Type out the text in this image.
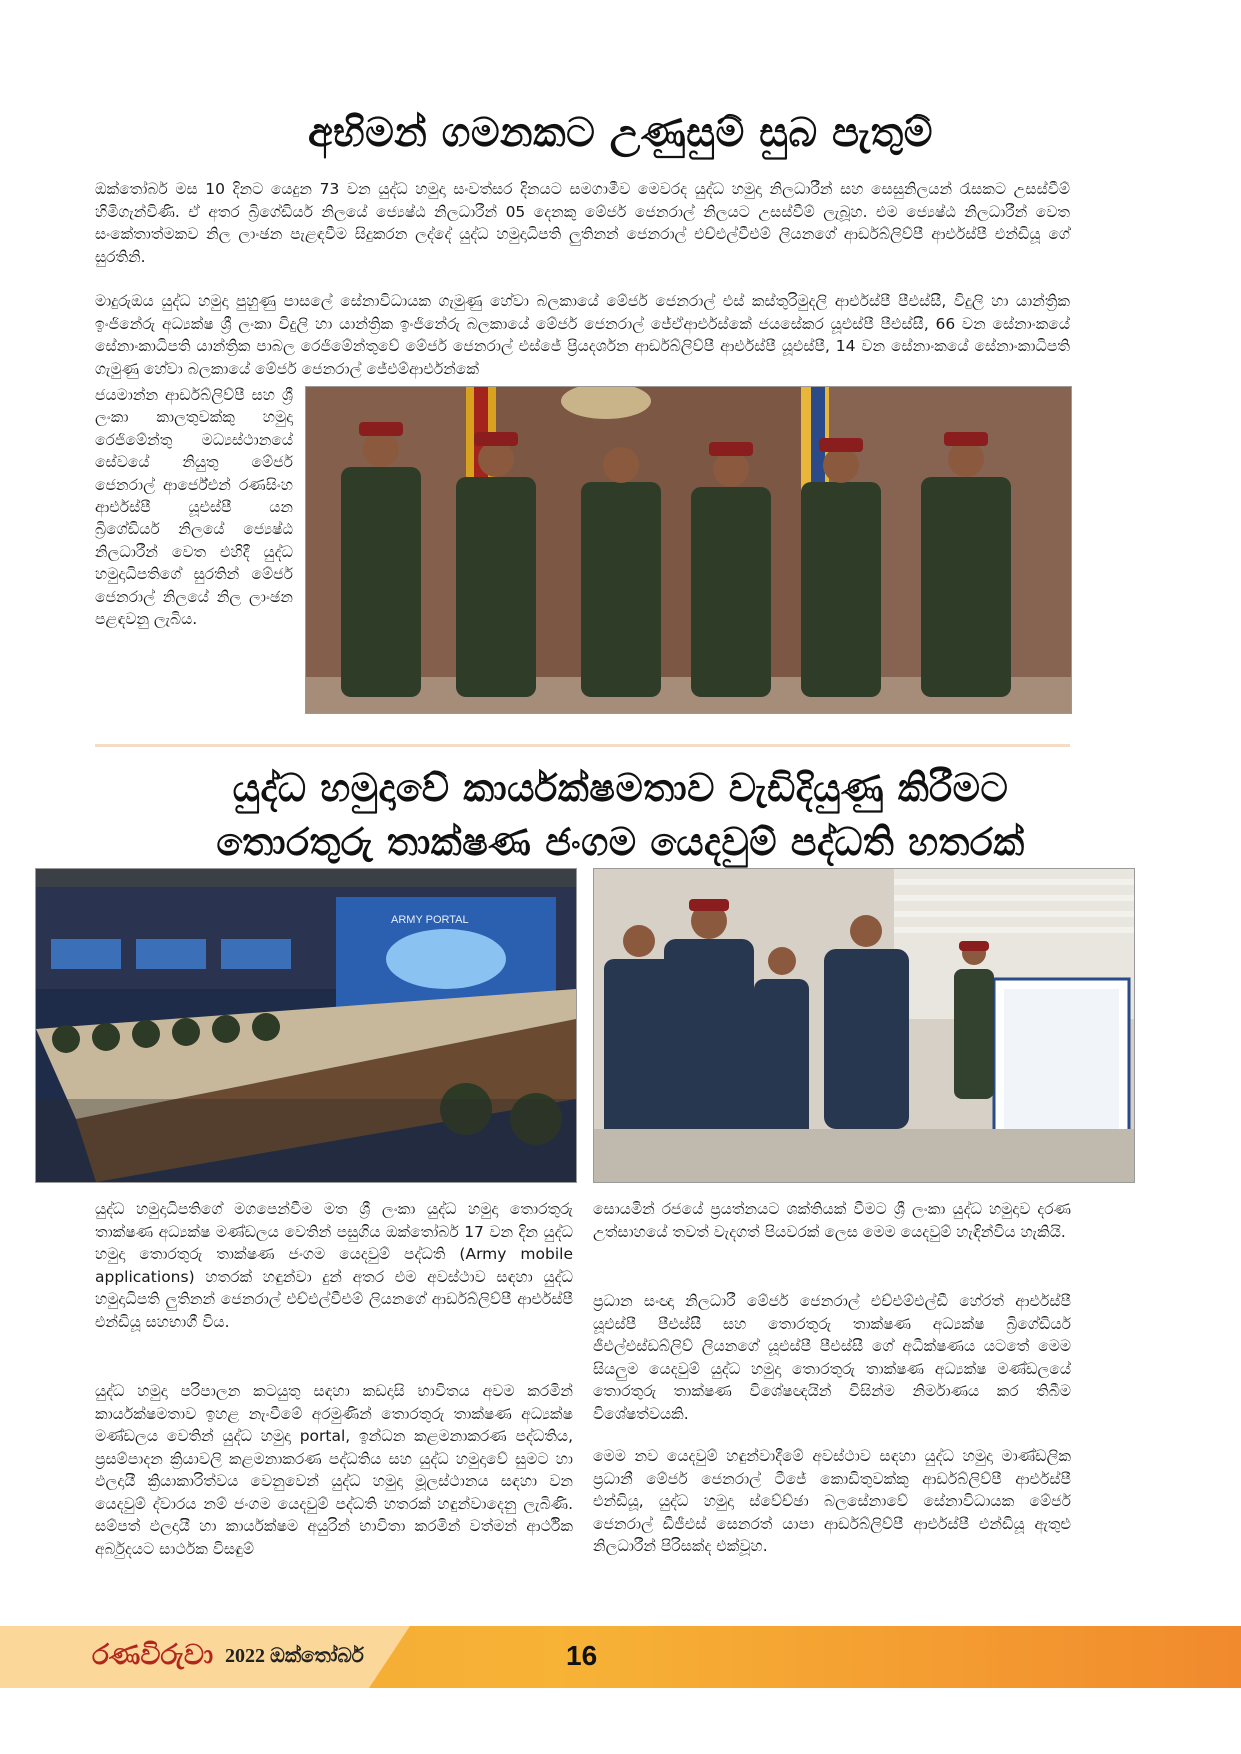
අභිමන් ගමනකට උණුසුම් සුබ පැතුම්

ඔක්තෝබර් මස 10 දිනට යෙදුන 73 වන යුද්ධ හමුදා සංවත්සර දිනයට සමගාමීව මෙවරද යුද්ධ හමුදා නිලධාරීන් සහ සෙසුනිලයන් රැසකට උසස්වීම් හිමිගැන්විණි. ඒ අතර බ්‍රිගේඩියර් නිලයේ ජ්‍යෙෂ්ඨ නිලධාරීන් 05 දෙනකු මේජර් ජෙනරාල් නිලයට උසස්වීම් ලැබූහ. එම ජ්‍යෙෂ්ඨ නිලධාරීන් වෙත සංකේතාත්මකව නිල ලාංඡන පැළඳවීම සිදුකරන ලද්දේ යුද්ධ හමුදාධිපති ලුතිනන් ජෙනරාල් එච්එල්වීඑම් ලියනගේ ආර්ඩබ්ලිව්පී ආර්එස්පී එන්ඩියූ ගේ සුරතිනි.

මාදුරුඔය යුද්ධ හමුදා පුහුණු පාසලේ සේනාවිධායක ගැමුණු හේවා බලකායේ මේජර් ජෙනරාල් එස් කස්තුරිමුදලි ආර්එස්පී පීඑස්සී, විදුලි හා යාන්ත්‍රික ඉංජිනේරු අධ්‍යක්ෂ ශ්‍රී ලංකා විදුලි හා යාන්ත්‍රික ඉංජිනේරු බලකායේ මේජර් ජෙනරාල් ජේඒආර්එස්කේ ජයසේකර යූඑස්පී පීඑස්සී, 66 වන සේනාංකයේ සේනාංකාධිපති යාන්ත්‍රික පාබල රෙජිමේන්තුවේ මේජර් ජෙනරාල් එස්ජේ ප්‍රියදර්ශන ආර්ඩබ්ලිව්පී ආර්එස්පී යූඑස්පී, 14 වන සේනාංකයේ සේනාංකාධිපති ගැමුණු හේවා බලකායේ මේජර් ජෙනරාල් ජේඑම්ආර්එන්කේ

ජයමාන්න ආර්ඩබ්ලිව්පී සහ ශ්‍රී ලංකා කාලතුවක්කු හමුදා රෙජිමේන්තු මධ්‍යස්ථානයේ සේවයේ නියුතු මේජර් ජෙනරාල් ආර්ජේඑන් රණසිංහ ආර්එස්පී යූඑස්පී යන බ්‍රිගේඩියර් නිලයේ ජ්‍යෙෂ්ඨ නිලධාරීන් වෙත එහිදී යුද්ධ හමුදාධිපතිගේ සුරතින් මේජර් ජෙනරාල් නිලයේ නිල ලාංඡන පළඳවනු ලැබිය.

යුද්ධ හමුදාවේ කාර්යක්ෂමතාව වැඩිදියුණු කිරීමට
තොරතුරු තාක්ෂණ ජංගම යෙදවුම් පද්ධති හතරක්
ARMY PORTAL

යුද්ධ හමුදාධිපතිගේ මගපෙන්වීම මත ශ්‍රී ලංකා යුද්ධ හමුදා තොරතුරු තාක්ෂණ අධ්‍යක්ෂ මණ්ඩලය වෙතින් පසුගිය ඔක්තෝබර් 17 වන දින යුද්ධ හමුදා තොරතුරු තාක්ෂණ ජංගම යෙදවුම් පද්ධති (Army mobile applications) හතරක් හඳුන්වා දුන් අතර එම අවස්ථාව සඳහා යුද්ධ හමුදාධිපති ලුතිනන් ජෙනරාල් එච්එල්වීඑම් ලියනගේ ආර්ඩබ්ලිව්පී ආර්එස්පී එන්ඩියූ සහභාගී විය.

යුද්ධ හමුදා පරිපාලන කටයුතු සඳහා කඩදාසි භාවිතය අවම කරමින් කාර්යක්ෂමතාව ඉහළ නැංවීමේ අරමුණින් තොරතුරු තාක්ෂණ අධ්‍යක්ෂ මණ්ඩලය වෙතින් යුද්ධ හමුදා portal, ඉන්ධන කළමනාකරණ පද්ධතිය, ප්‍රසම්පාදන ක්‍රියාවලි කළමනාකරණ පද්ධතිය සහ යුද්ධ හමුදාවේ සුමට හා ඵලදායී ක්‍රියාකාරිත්වය වෙනුවෙන් යුද්ධ හමුදා මූලස්ථානය සඳහා වන යෙදවුම් ද්වාරය නම් ජංගම යෙදවුම් පද්ධති හතරක් හඳුන්වාදෙනු ලැබිණි. සම්පත් ඵලදායී හා කාර්යක්ෂම අයුරින් භාවිතා කරමින් වත්මන් ආර්ථික අර්බුදයට සාර්ථක විසඳුම්

සොයමින් රජයේ ප්‍රයත්නයට ශක්තියක් වීමට ශ්‍රී ලංකා යුද්ධ හමුදාව දරණ උත්සාහයේ තවත් වැදගත් පියවරක් ලෙස මෙම යෙදවුම් හැඳින්විය හැකියි.

ප්‍රධාන සංඥා නිලධාරී මේජර් ජෙනරාල් එච්එම්එල්ඩී හේරත් ආර්එස්පී යූඑස්පී පීඑස්සී සහ තොරතුරු තාක්ෂණ අධ්‍යක්ෂ බ්‍රිගේඩියර් ජීඑල්එස්ඩබ්ලිව් ලියනගේ යූඑස්පී පීඑස්සී ගේ අධීක්ෂණය යටතේ මෙම සියලුම යෙදවුම් යුද්ධ හමුදා තොරතුරු තාක්ෂණ අධ්‍යක්ෂ මණ්ඩලයේ තොරතුරු තාක්ෂණ විශේෂඥයින් විසින්ම නිර්මාණය කර තිබීම විශේෂත්වයකි.

මෙම නව යෙදවුම් හඳුන්වාදීමේ අවස්ථාව සඳහා යුද්ධ හමුදා මාණ්ඩලික ප්‍රධානී මේජර් ජෙනරාල් ටීජේ කොඩිතුවක්කු ආර්ඩබ්ලිව්පී ආර්එස්පී එන්ඩියූ, යුද්ධ හමුදා ස්වේච්ඡා බලසේනාවේ සේනාවිධායක මේජර් ජෙනරාල් ඩීජීඑස් සෙනරත් යාපා ආර්ඩබ්ලිව්පී ආර්එස්පී එන්ඩියූ ඇතුළු නිලධාරීන් පිරිසක්ද එක්වූහ.

රණවිරුවා 2022 ඔක්තෝබර්	16
